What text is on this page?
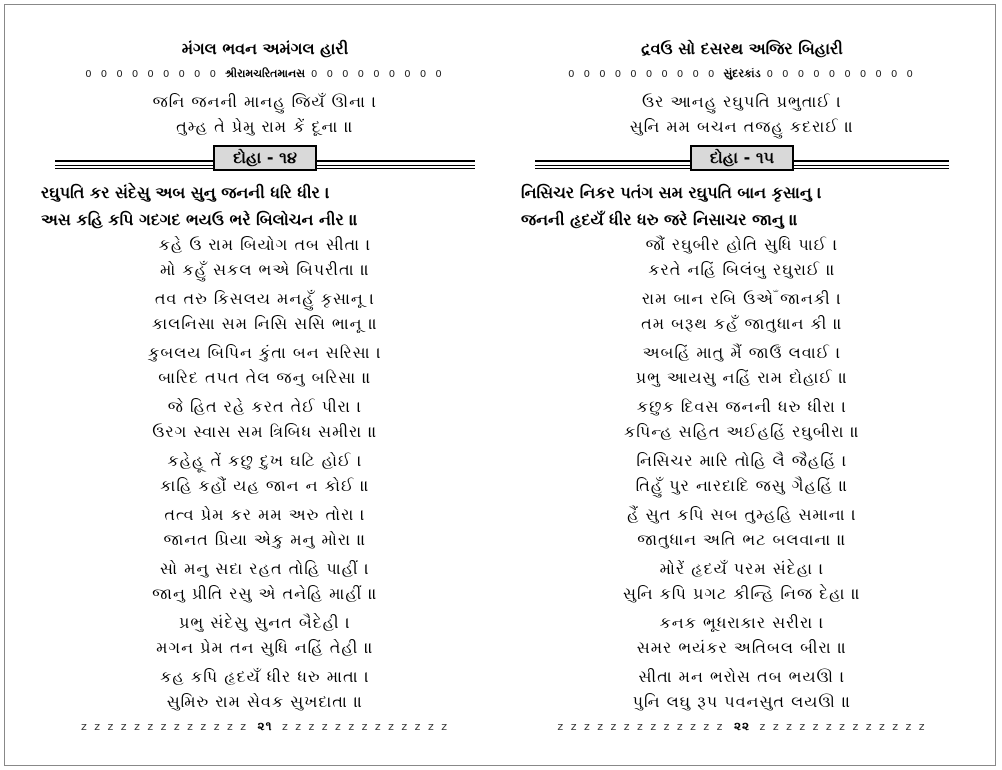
મંગલ ભવન અમંગલ હારી
0 0 0 0 0 0 0 0 0 શ્રીરામચરિતમાનસ 0 0 0 0 0 0 0 0 0
જનિ જનની માનહુ જિયઁ ઊના ।
તુમ્હ તે પ્રેમુ રામ કેં દૂના ॥
દોહા - ૧૪
રઘુપતિ કર સંદેસુ અબ સુનુ જનની ધરિ ધીર ।
અસ કહિ કપિ ગદગદ ભયઉ ભરે બિલોચન નીર ॥
કહે ઉ રામ બિયોગ તબ સીતા ।
મો કહુઁ સકલ ભએ બિપરીતા ॥
તવ તરુ કિસલય મનહુઁ કૃસાનૂ ।
કાલનિસા સમ નિસિ સસિ ભાનૂ ॥
કુબલય બિપિન કુંતા બન સરિસા ।
બારિદ તપત તેલ જનુ બરિસા ॥
જે હિત રહે કરત તેઈ પીરા ।
ઉરગ સ્વાસ સમ ત્રિબિધ સમીરા ॥
કહેહૂ તેં કછુ દુખ ઘટિ હોઈ ।
કાહિ કહૌં યહ જાન ન કોઈ ॥
તત્વ પ્રેમ કર મમ અરુ તોરા ।
જાનત પ્રિયા એકુ મનુ મોરા ॥
સો મનુ સદા રહત તોહિ પાહીં ।
જાનુ પ્રીતિ રસુ એ તનેહિ માહીં ॥
પ્રભુ સંદેસુ સુનત બૈદેહી ।
મગન પ્રેમ તન સુધિ નહિં તેહી ॥
કહ કપિ હૃદયઁ ધીર ધરુ માતા ।
સુમિરુ રામ સેવક સુખદાતા ॥
z z z z z z z z z z z z z ૨૧ z z z z z z z z z z z z z
દ્રવઉ સો દસરથ અજિર બિહારી
0 0 0 0 0 0 0 0 0 0 સુંદરકાંડ 0 0 0 0 0 0 0 0 0 0
ઉર આનહુ રઘુપતિ પ્રભુતાઈ ।
સુનિ મમ બચન તજહુ કદરાઈ ॥
દોહા - ૧૫
નિસિચર નિકર પતંગ સમ રઘુપતિ બાન કૃસાનુ ।
જનની હૃદયઁ ધીર ધરુ જરે નિસાચર જાનુ ॥
જૌં રઘુબીર હોતિ સુધિ પાઈ ।
કરતે નહિં બિલંબુ રઘુરાઈ ॥
રામ બાન રબિ ઉએઁ જાનકી ।
તમ બરૂથ કહઁ જાતુધાન કી ॥
અબહિં માતુ મૈં જાઉઁ લવાઈ ।
પ્રભુ આયસુ નહિં રામ દોહાઈ ॥
કછુક દિવસ જનની ધરુ ધીરા ।
કપિન્હ સહિત અઈહહિં રઘુબીરા ॥
નિસિચર મારિ તોહિ લૈ જૈહહિં ।
તિહુઁ પુર નારદાદિ જસુ ગૈહહિં ॥
હૈં સુત કપિ સબ તુમ્હહિ સમાના ।
જાતુધાન અતિ ભટ બલવાના ॥
મોરેં હૃદયઁ પરમ સંદેહા ।
સુનિ કપિ પ્રગટ કીન્હિ નિજ દેહા ॥
કનક ભૂધરાકાર સરીરા ।
સમર ભયંકર અતિબલ બીરા ॥
સીતા મન ભરોસ તબ ભયઊ ।
પુનિ લઘુ રૂપ પવનસુત લયઊ ॥
z z z z z z z z z z z z z ૨૨ z z z z z z z z z z z z z
